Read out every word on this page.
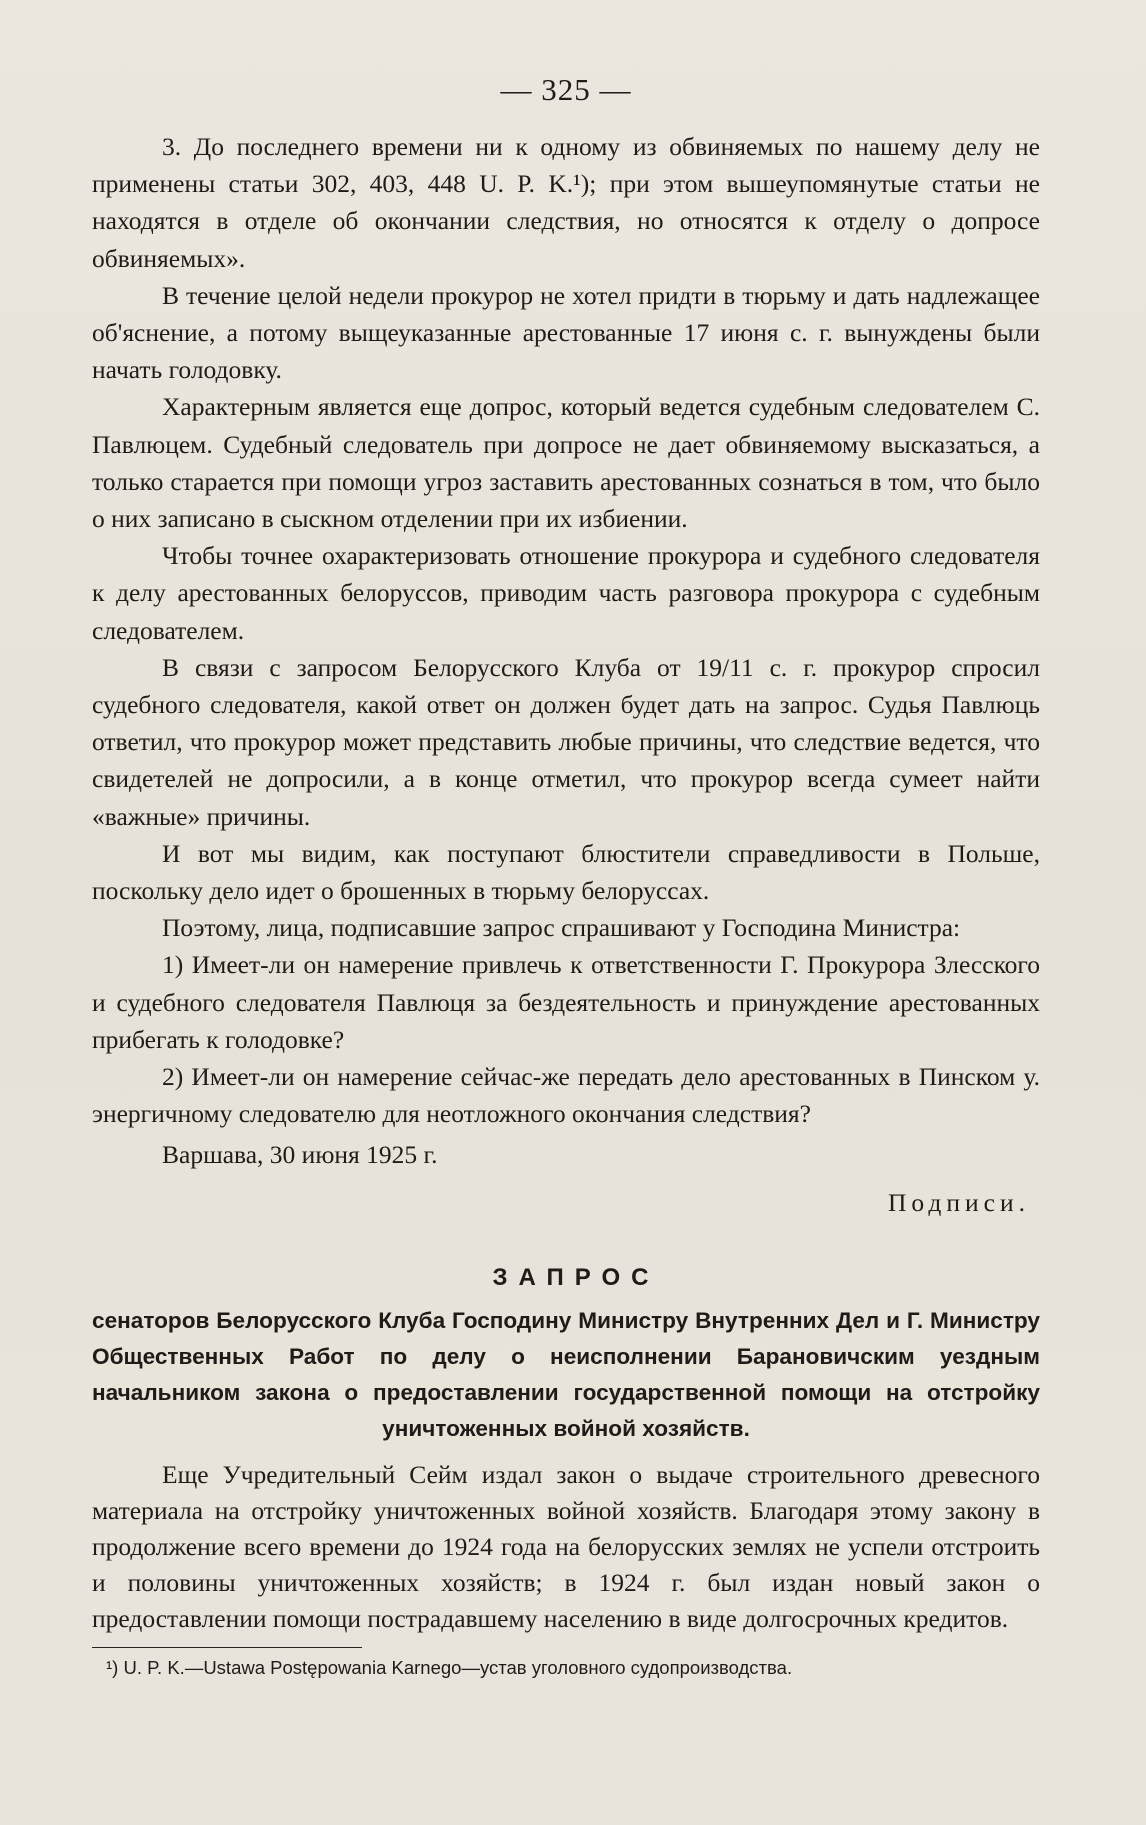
— 325 —

3. До последнего времени ни к одному из обвиняемых по нашему делу не применены статьи 302, 403, 448 U. P. K.¹); при этом вышеупомянутые статьи не находятся в отделе об окончании следствия, но относятся к отделу о допросе обвиняемых».

В течение целой недели прокурор не хотел придти в тюрьму и дать надлежащее об'яснение, а потому выщеуказанные арестованные 17 июня с. г. вынуждены были начать голодовку.

Характерным является еще допрос, который ведется судебным следователем С. Павлюцем. Судебный следователь при допросе не дает обвиняемому высказаться, а только старается при помощи угроз заставить арестованных сознаться в том, что было о них записано в сыскном отделении при их избиении.

Чтобы точнее охарактеризовать отношение прокурора и судебного следователя к делу арестованных белоруссов, приводим часть разговора прокурора с судебным следователем.

В связи с запросом Белорусского Клуба от 19/11 с. г. прокурор спросил судебного следователя, какой ответ он должен будет дать на запрос. Судья Павлюць ответил, что прокурор может представить любые причины, что следствие ведется, что свидетелей не допросили, а в конце отметил, что прокурор всегда сумеет найти «важные» причины.

И вот мы видим, как поступают блюстители справедливости в Польше, поскольку дело идет о брошенных в тюрьму белоруссах.

Поэтому, лица, подписавшие запрос спрашивают у Господина Министра:

1) Имеет-ли он намерение привлечь к ответственности Г. Прокурора Злесского и судебного следователя Павлюця за бездеятельность и принуждение арестованных прибегать к голодовке?

2) Имеет-ли он намерение сейчас-же передать дело арестованных в Пинском у. энергичному следователю для неотложного окончания следствия?

Варшава, 30 июня 1925 г.

Подписи.
ЗАПРОС
сенаторов Белорусского Клуба Господину Министру Внутренних Дел и Г. Министру Общественных Работ по делу о неисполнении Барановичским уездным начальником закона о предоставлении государственной помощи на отстройку уничтоженных войной хозяйств.

Еще Учредительный Сейм издал закон о выдаче строительного древесного материала на отстройку уничтоженных войной хозяйств. Благодаря этому закону в продолжение всего времени до 1924 года на белорусских землях не успели отстроить и половины уничтоженных хозяйств; в 1924 г. был издан новый закон о предоставлении помощи пострадавшему населению в виде долгосрочных кредитов.

¹) U. P. K.—Ustawa Postępowania Karnego—устав уголовного судопроизводства.
